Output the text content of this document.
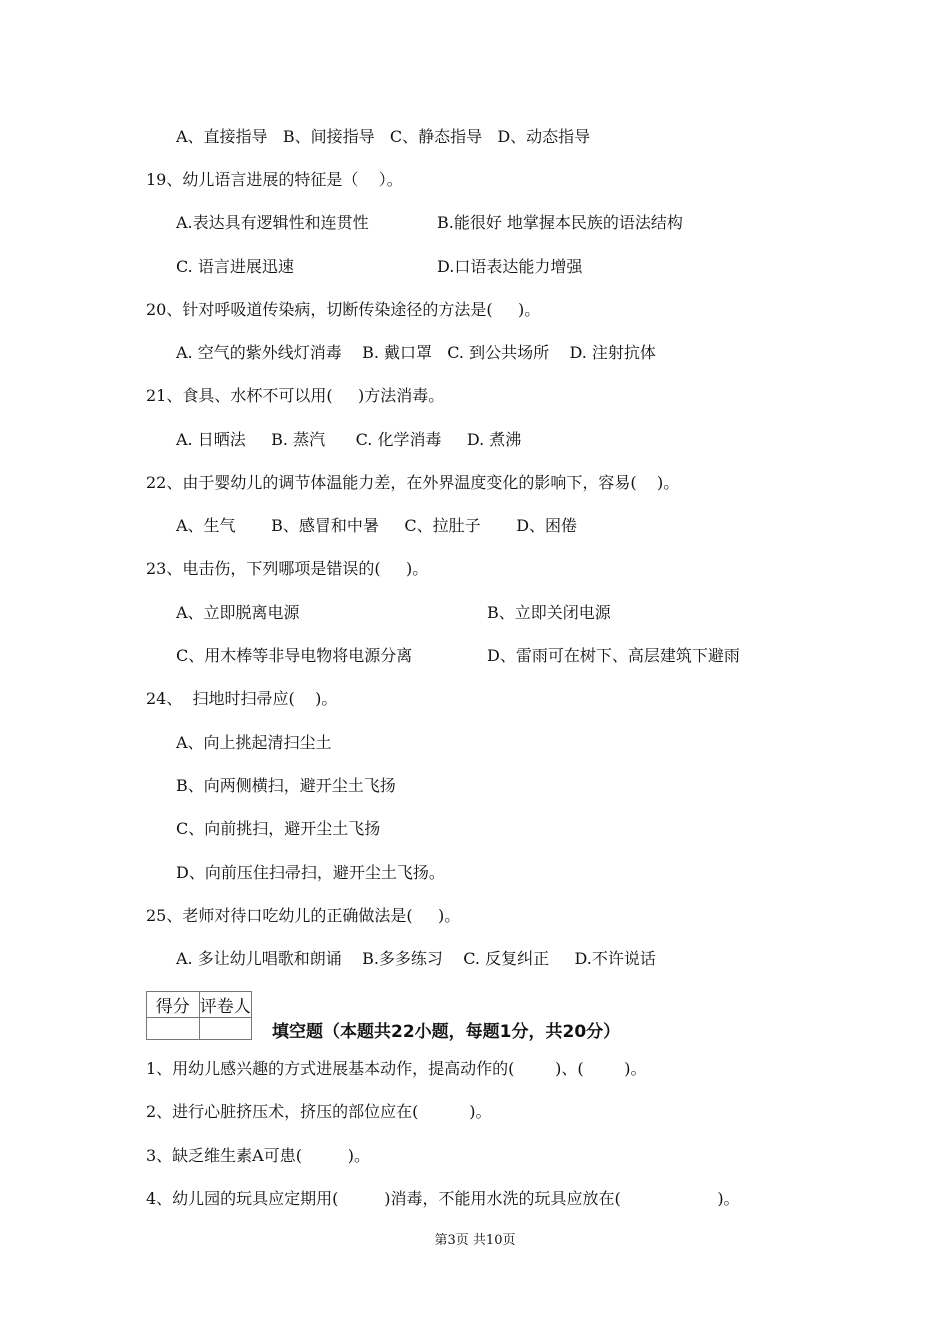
A、直接指导   B、间接指导   C、静态指导   D、动态指导
19、幼儿语言进展的特征是（    ）。
A.表达具有逻辑性和连贯性	B.能很好 地掌握本民族的语法结构
C. 语言进展迅速	D.口语表达能力增强
20、针对呼吸道传染病，切断传染途径的方法是(     )。
A. 空气的紫外线灯消毒    B. 戴口罩   C. 到公共场所    D. 注射抗体
21、食具、水杯不可以用(     )方法消毒。
A. 日晒法     B. 蒸汽      C. 化学消毒     D. 煮沸
22、由于婴幼儿的调节体温能力差，在外界温度变化的影响下，容易(    )。
A、生气       B、感冒和中暑     C、拉肚子       D、困倦
23、电击伤，下列哪项是错误的(     )。
A、立即脱离电源	B、立即关闭电源
C、用木棒等非导电物将电源分离	D、雷雨可在树下、高层建筑下避雨
24、  扫地时扫帚应(    )。
A、向上挑起清扫尘土
B、向两侧横扫，避开尘土飞扬
C、向前挑扫，避开尘土飞扬
D、向前压住扫帚扫，避开尘土飞扬。
25、老师对待口吃幼儿的正确做法是(     )。
A. 多让幼儿唱歌和朗诵    B.多多练习    C. 反复纠正     D.不许说话
得分	评卷人

填空题（本题共22小题，每题1分，共20分）
1、用幼儿感兴趣的方式进展基本动作，提高动作的(        )、(        )。
2、进行心脏挤压术，挤压的部位应在(          )。
3、缺乏维生素A可患(         )。
4、幼儿园的玩具应定期用(         )消毒，不能用水洗的玩具应放在(                   )。
第3页 共10页
